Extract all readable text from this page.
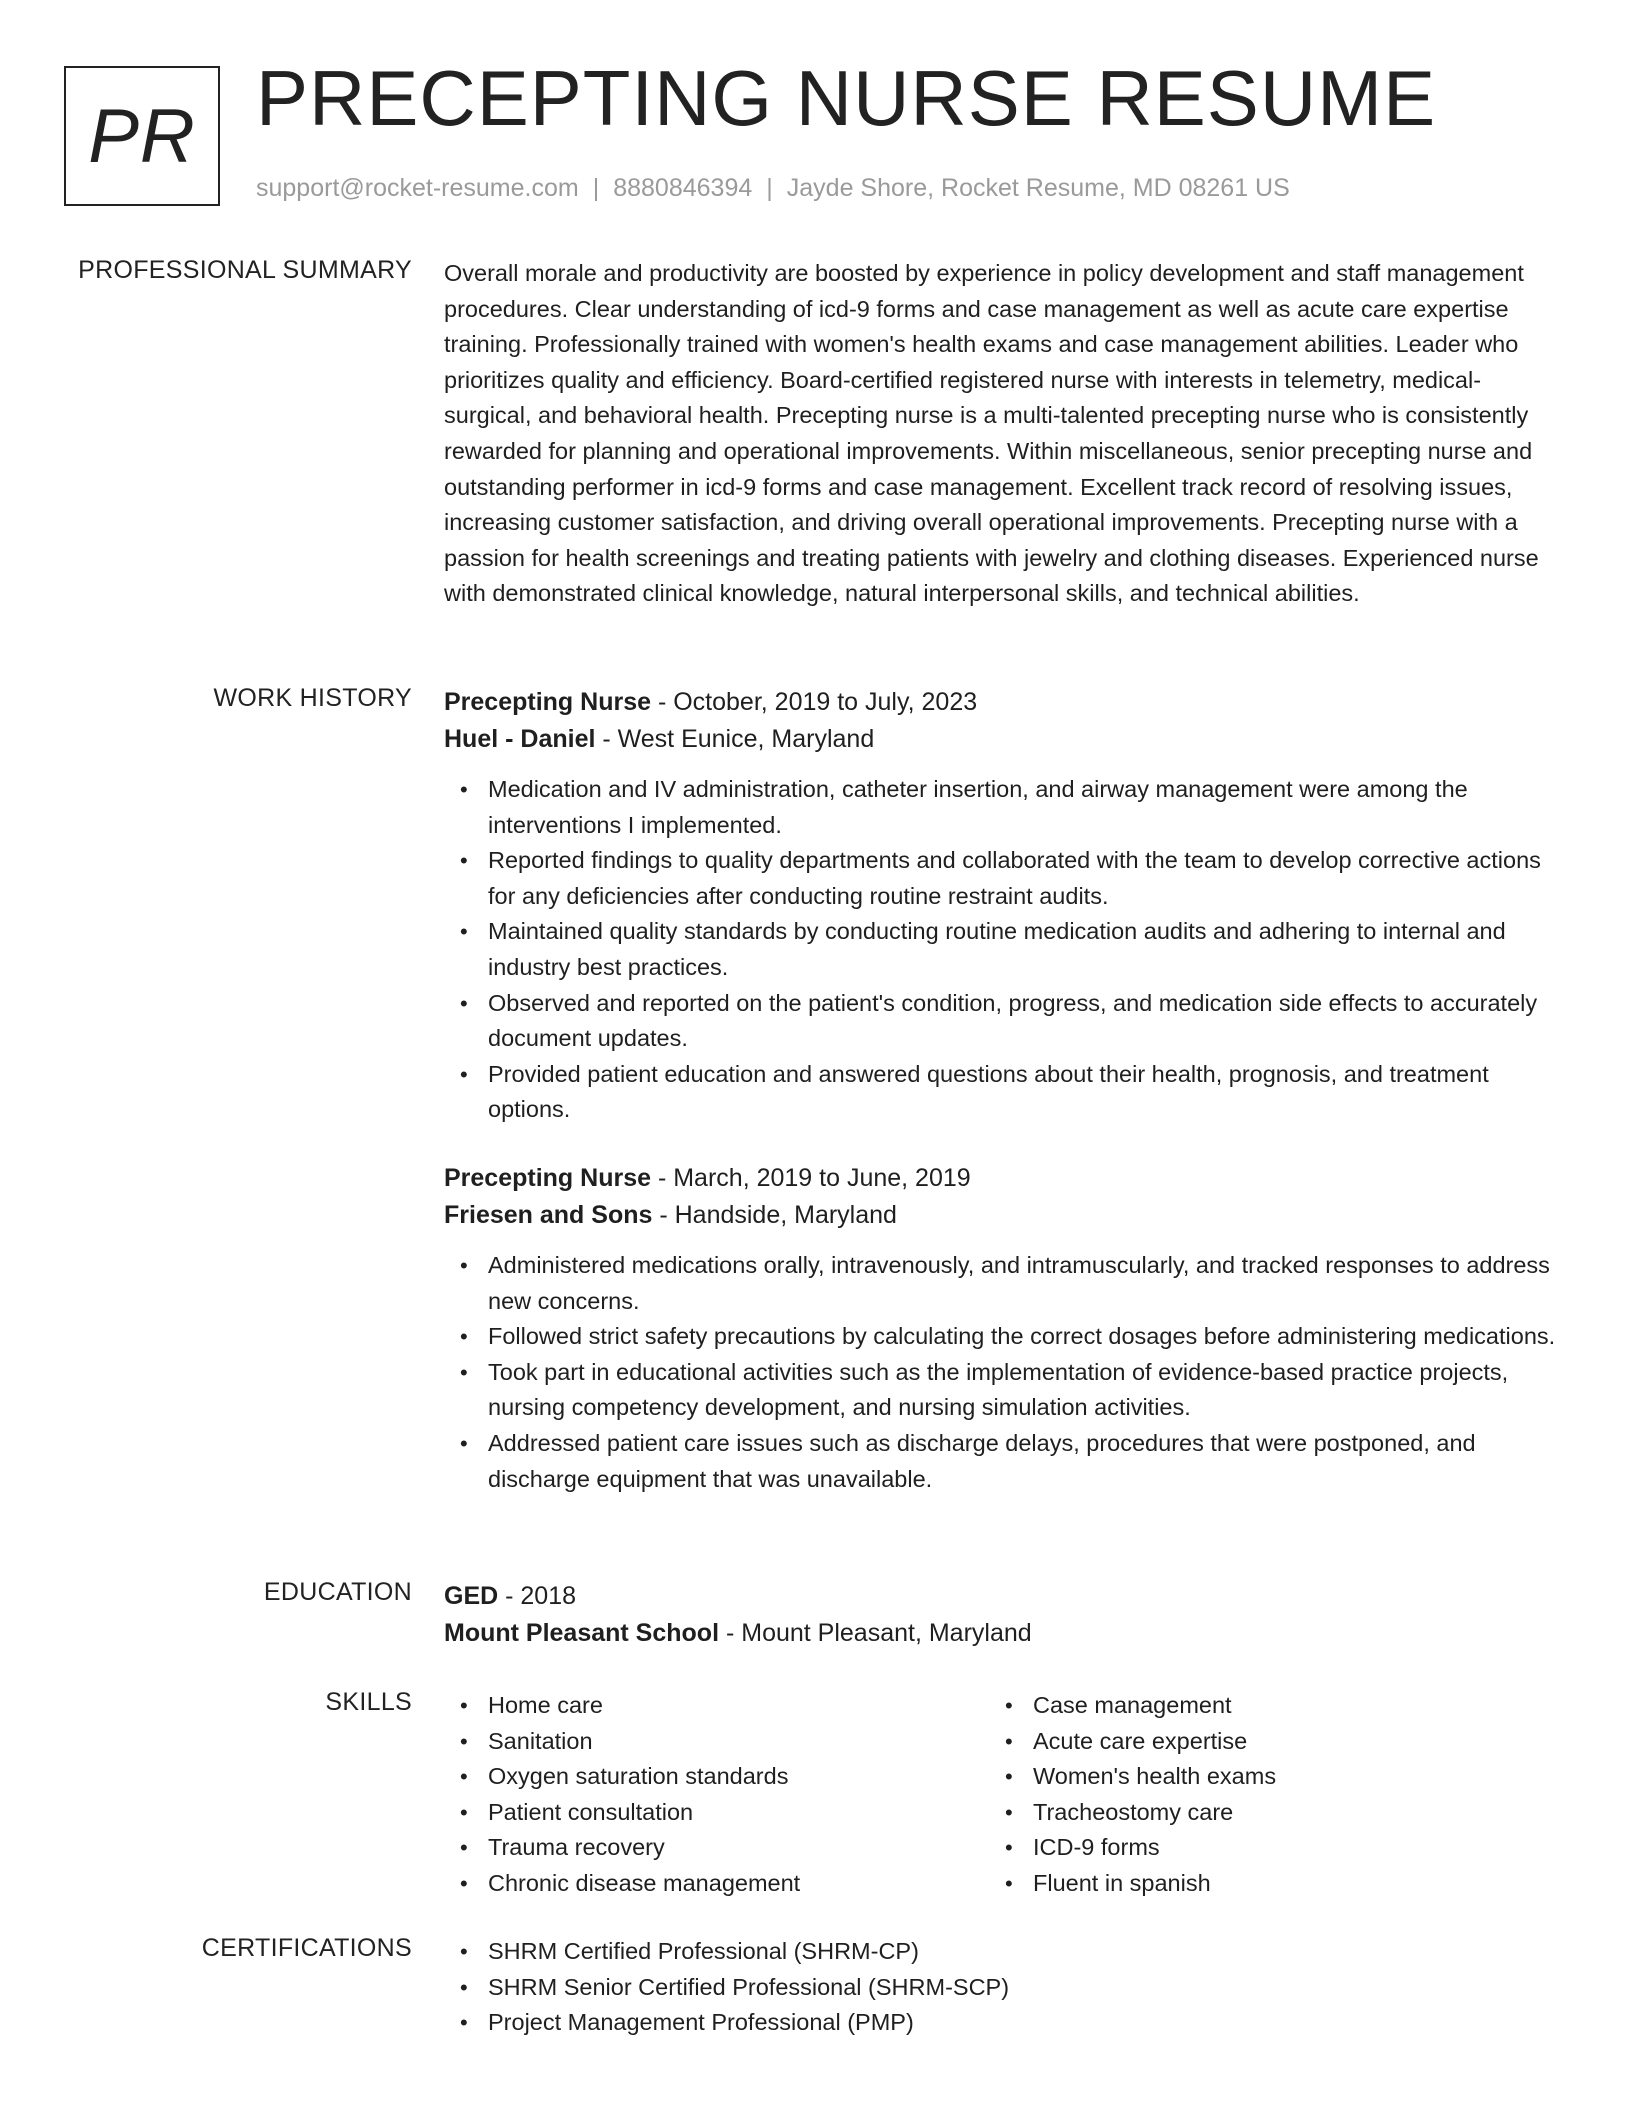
PR PRECEPTING NURSE RESUME
support@rocket-resume.com | 8880846394 | Jayde Shore, Rocket Resume, MD 08261 US
PROFESSIONAL SUMMARY Overall morale and productivity are boosted by experience in policy development and staff management procedures. Clear understanding of icd-9 forms and case management as well as acute care expertise training. Professionally trained with women's health exams and case management abilities. Leader who prioritizes quality and efficiency. Board-certified registered nurse with interests in telemetry, medical-surgical, and behavioral health. Precepting nurse is a multi-talented precepting nurse who is consistently rewarded for planning and operational improvements. Within miscellaneous, senior precepting nurse and outstanding performer in icd-9 forms and case management. Excellent track record of resolving issues, increasing customer satisfaction, and driving overall operational improvements. Precepting nurse with a passion for health screenings and treating patients with jewelry and clothing diseases. Experienced nurse with demonstrated clinical knowledge, natural interpersonal skills, and technical abilities.

WORK HISTORY Precepting Nurse - October, 2019 to July, 2023

Huel - Daniel - West Eunice, Maryland

• Medication and IV administration, catheter insertion, and airway management were among the interventions I implemented.
• Reported findings to quality departments and collaborated with the team to develop corrective actions for any deficiencies after conducting routine restraint audits.
• Maintained quality standards by conducting routine medication audits and adhering to internal and industry best practices.
• Observed and reported on the patient's condition, progress, and medication side effects to accurately document updates.
• Provided patient education and answered questions about their health, prognosis, and treatment options.

Precepting Nurse - March, 2019 to June, 2019

Friesen and Sons - Handside, Maryland

• Administered medications orally, intravenously, and intramuscularly, and tracked responses to address new concerns.
• Followed strict safety precautions by calculating the correct dosages before administering medications.
• Took part in educational activities such as the implementation of evidence-based practice projects, nursing competency development, and nursing simulation activities.
• Addressed patient care issues such as discharge delays, procedures that were postponed, and discharge equipment that was unavailable.
EDUCATION GED - 2018

Mount Pleasant School - Mount Pleasant, Maryland

SKILLS	• Home care
• Sanitation
• Oxygen saturation standards
• Patient consultation
• Trauma recovery
• Chronic disease management
• Case management
• Acute care expertise
• Women's health exams
• Tracheostomy care
• ICD-9 forms
• Fluent in spanish
CERTIFICATIONS	• SHRM Certified Professional (SHRM-CP)
• SHRM Senior Certified Professional (SHRM-SCP)
• Project Management Professional (PMP)
